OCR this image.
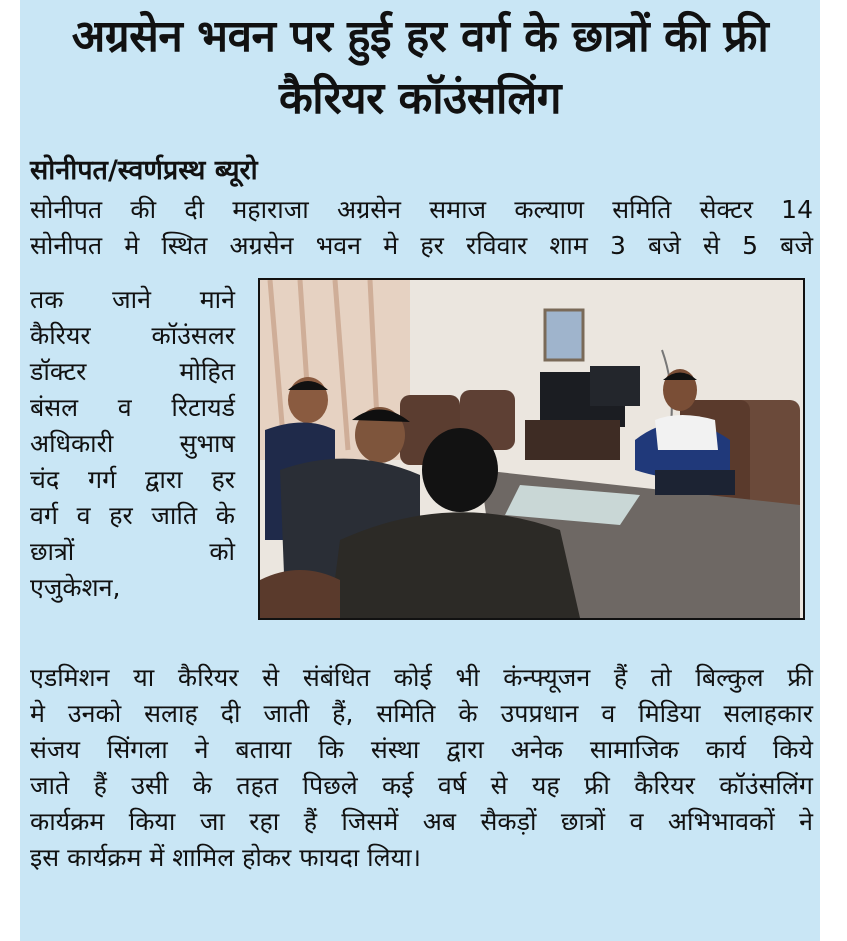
अग्रसेन भवन पर हुई हर वर्ग के छात्रों की फ्री
कैरियर कॉउंसलिंग
सोनीपत/स्वर्णप्रस्थ ब्यूरो
सोनीपत की दी महाराजा अग्रसेन समाज कल्याण समिति सेक्टर 14
सोनीपत मे स्थित अग्रसेन भवन मे हर रविवार शाम 3 बजे से 5 बजे
तक जाने माने
कैरियर कॉउंसलर
डॉक्टर मोहित
बंसल व रिटायर्ड
अधिकारी सुभाष
चंद गर्ग द्वारा हर
वर्ग व हर जाति के
छात्रों को
एजुकेशन,
एडमिशन या कैरियर से संबंधित कोई भी कंन्फ्यूजन हैं तो बिल्कुल फ्री
मे उनको सलाह दी जाती हैं, समिति के उपप्रधान व मिडिया सलाहकार
संजय सिंगला ने बताया कि संस्था द्वारा अनेक सामाजिक कार्य किये
जाते हैं उसी के तहत पिछले कई वर्ष से यह फ्री कैरियर कॉउंसलिंग
कार्यक्रम किया जा रहा हैं जिसमें अब सैकड़ों छात्रों व अभिभावकों ने
इस कार्यक्रम में शामिल होकर फायदा लिया।
